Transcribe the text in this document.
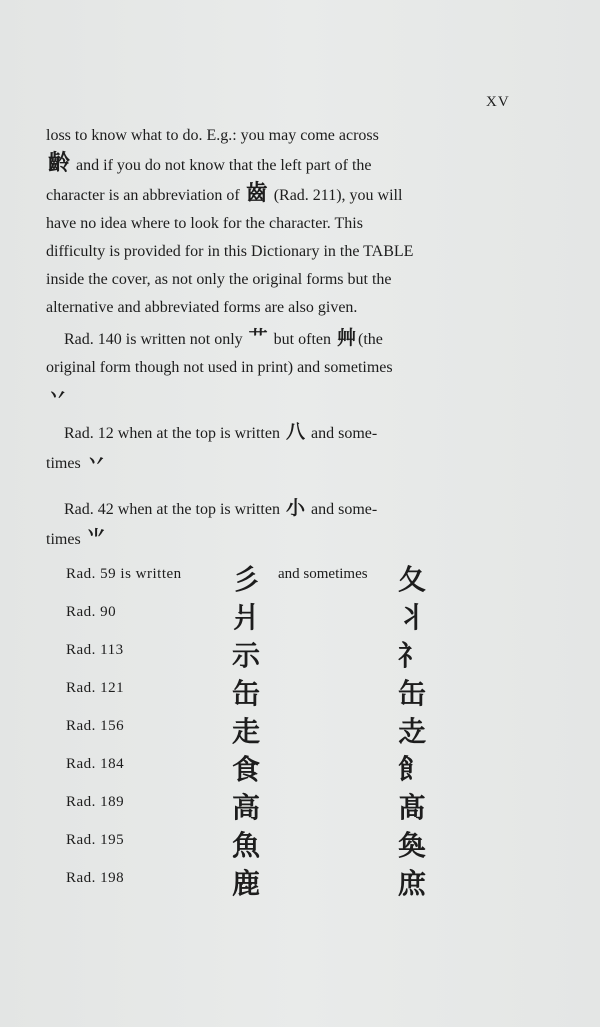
XV

loss to know what to do. E.g.: you may come across
齡 and if you do not know that the left part of the
character is an abbreviation of 齒 (Rad. 211), you will
have no idea where to look for the character. This
difficulty is provided for in this Dictionary in the TABLE
inside the cover, as not only the original forms but the
alternative and abbreviated forms are also given.

Rad. 140 is written not only 艹 but often 艸 (the
original form though not used in print) and sometimes
丷

Rad. 12 when at the top is written 八 and some-
times 丷

Rad. 42 when at the top is written 小 and some-
times ⺌

Rad. 59 is written 彡 and sometimes 夂
Rad. 90	爿	丬
Rad. 113	示	礻
Rad. 121	缶	缶
Rad. 156	走	赱
Rad. 184	食	飠
Rad. 189	高	髙
Rad. 195	魚	奐
Rad. 198	鹿	庶
